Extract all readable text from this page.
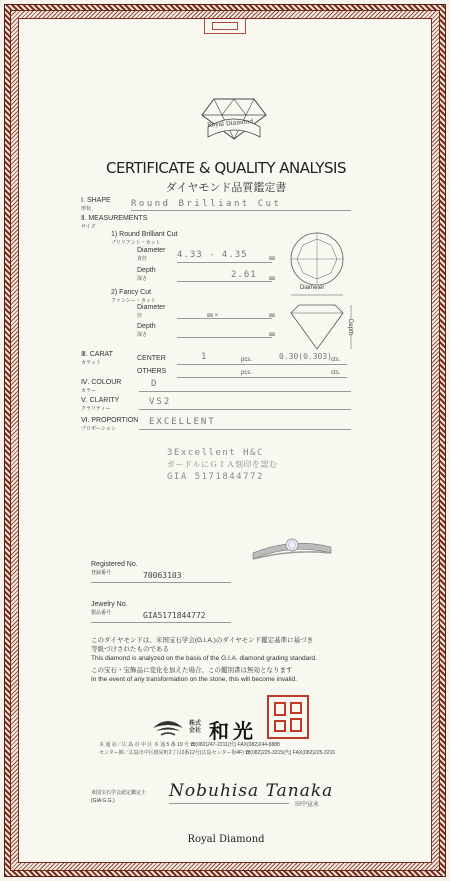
Royal Diamond
CERTIFICATE & QUALITY ANALYSIS
ダイヤモンド品質鑑定書
Ⅰ. SHAPE
形状	Round Brilliant Cut
Ⅱ. MEASUREMENTS
サイズ
1) Round Brilliant Cut
ブリリアント・カット
Diameter
直径	4.33 - 4.35	㎜
Depth
深さ	2.61 ㎜
2) Fancy Cut
ファンシー・カット
Diameter
径	㎜ ×	㎜
Depth
深さ	㎜
Diameter
Depth
Ⅲ. CARAT
カラット
CENTER	1	pcs.	0.30(0.303) cts.
OTHERS	pcs.	cts.
Ⅳ. COLOUR
カラー
D
Ⅴ. CLARITY
クラリティー
VS2
Ⅵ. PROPORTION
プロポーション
EXCELLENT
3Excellent H&C
ガードルにＧＩＡ刻印を認む
GIA 5171844772
Registered No.
登録番号	70063103
Jewelry No.
製品番号	GIA5171844772
このダイヤモンドは、米国宝石学会(G.I.A.)のダイヤモンド鑑定基準に基づき
等級づけされたものである
This diamond is analyzed on the basis of the G.I.A. diamond grading standard.
この宝石・宝飾品に変化を加えた場合、この鑑別書は無効となります
In the event of any transformation on the stone, this will become invalid.
株式会社 和光
本 通 店／広 島 市 中 区 本 通 5 番 19 号 ☎(082)247-2211(代) FAX(082)244-8888
センター館／広島市中区紙屋町2丁目2番12号(広島センター街4F) ☎(082)225-3215(代) FAX(082)225-3216
米国宝石学会認定鑑定士
(GIA G.G.)	Nobuhisa Tanaka
田中宣永
Royal Diamond
